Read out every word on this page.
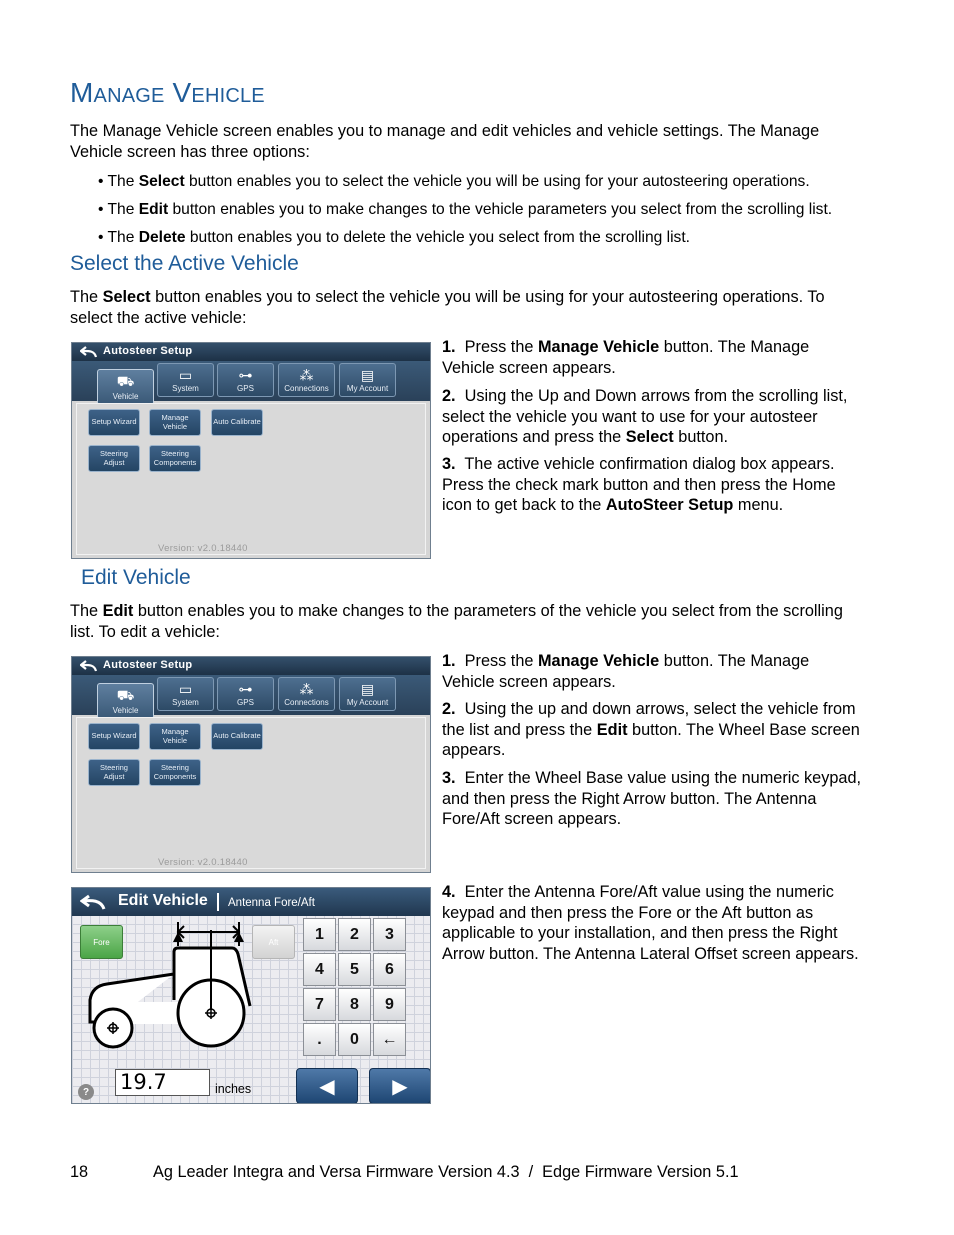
Manage Vehicle
The Manage Vehicle screen enables you to manage and edit vehicles and vehicle settings. The Manage Vehicle screen has three options:
• The Select button enables you to select the vehicle you will be using for your autosteering operations.
• The Edit button enables you to make changes to the vehicle parameters you select from the scrolling list.
• The Delete button enables you to delete the vehicle you select from the scrolling list.
Select the Active Vehicle
The Select button enables you to select the vehicle you will be using for your autosteering operations. To select the active vehicle:
Autosteer Setup
⛟
Vehicle
▭
System
⊶
GPS
⁂
Connections
▤
My Account
Setup Wizard	Manage Vehicle	Auto Calibrate
Steering Adjust
Steering Components
Version: v2.0.18440
1. Press the Manage Vehicle button. The Manage Vehicle screen appears.
2. Using the Up and Down arrows from the scrolling list, select the vehicle you want to use for your autosteer operations and press the Select button.
3. The active vehicle confirmation dialog box appears. Press the check mark button and then press the Home icon to get back to the AutoSteer Setup menu.
Edit Vehicle
The Edit button enables you to make changes to the parameters of the vehicle you select from the scrolling list. To edit a vehicle:
Autosteer Setup
⛟
Vehicle
▭
System
⊶
GPS
⁂
Connections
▤
My Account
Setup Wizard	Manage Vehicle	Auto Calibrate
Steering Adjust
Steering Components
Version: v2.0.18440
1. Press the Manage Vehicle button. The Manage Vehicle screen appears.
2. Using the up and down arrows, select the vehicle from the list and press the Edit button. The Wheel Base screen appears.
3. Enter the Wheel Base value using the numeric keypad, and then press the Right Arrow button. The Antenna Fore/Aft screen appears.
4. Enter the Antenna Fore/Aft value using the numeric keypad and then press the Fore or the Aft button as applicable to your installation, and then press the Right Arrow button. The Antenna Lateral Offset screen appears.
Edit Vehicle Antenna Fore/Aft
Fore	Aft	1	2	3
4	5	6
7	8	9
.	0	←
? 19.7	inches	◀	▶
18	Ag Leader Integra and Versa Firmware Version 4.3  /  Edge Firmware Version 5.1
